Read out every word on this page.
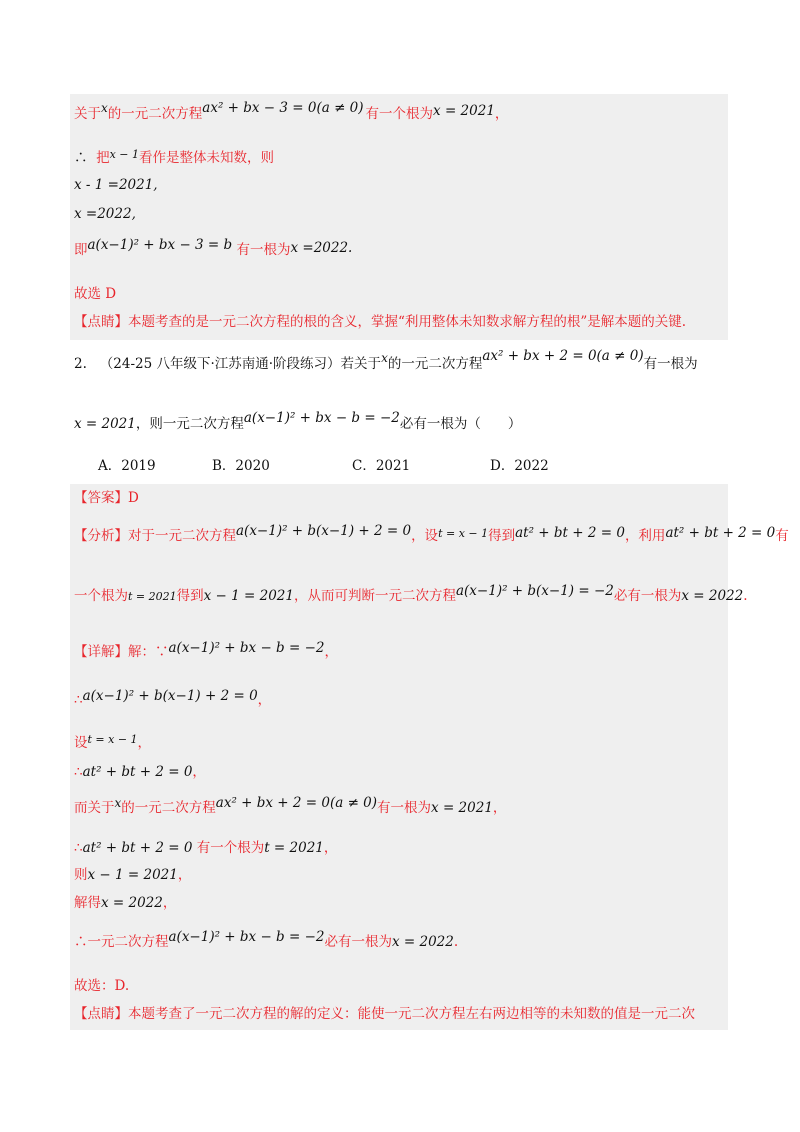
关于x的一元二次方程ax² + bx − 3 = 0(a ≠ 0) 有一个根为x = 2021，
∴ 把$^{x - 1}$看作是整体未知数，则
x - 1 =2021,
x =2022,
即a(x−1)² + bx − 3 = b 有一根为x =2022.
故选 D
【点睛】本题考查的是一元二次方程的根的含义，掌握“利用整体未知数求解方程的根”是解本题的关键.
2. （24-25 八年级下·江苏南通·阶段练习）若关于x的一元二次方程ax² + bx + 2 = 0(a ≠ 0)有一根为
x = 2021，则一元二次方程a(x−1)² + bx − b = −2必有一根为（　　）
A．2019	B．2020	C．2021	D．2022
【答案】D
【分析】对于一元二次方程a(x−1)² + b(x−1) + 2 = 0，设$^{t = x - 1}$得到at² + bt + 2 = 0，利用at² + bt + 2 = 0有
一个根为t = 2021得到x − 1 = 2021，从而可判断一元二次方程a(x−1)² + b(x−1) = −2必有一根为x = 2022.
【详解】解：∵a(x−1)² + bx − b = −2，
∴a(x−1)² + b(x−1) + 2 = 0，
设$^{t = x - 1}$，
∴at² + bt + 2 = 0，
而关于x的一元二次方程ax² + bx + 2 = 0(a ≠ 0)有一根为x = 2021，
∴at² + bt + 2 = 0 有一个根为t = 2021，
则x − 1 = 2021，
解得x = 2022，
∴一元二次方程a(x−1)² + bx − b = −2必有一根为x = 2022.
故选：D.
【点睛】本题考查了一元二次方程的解的定义：能使一元二次方程左右两边相等的未知数的值是一元二次
